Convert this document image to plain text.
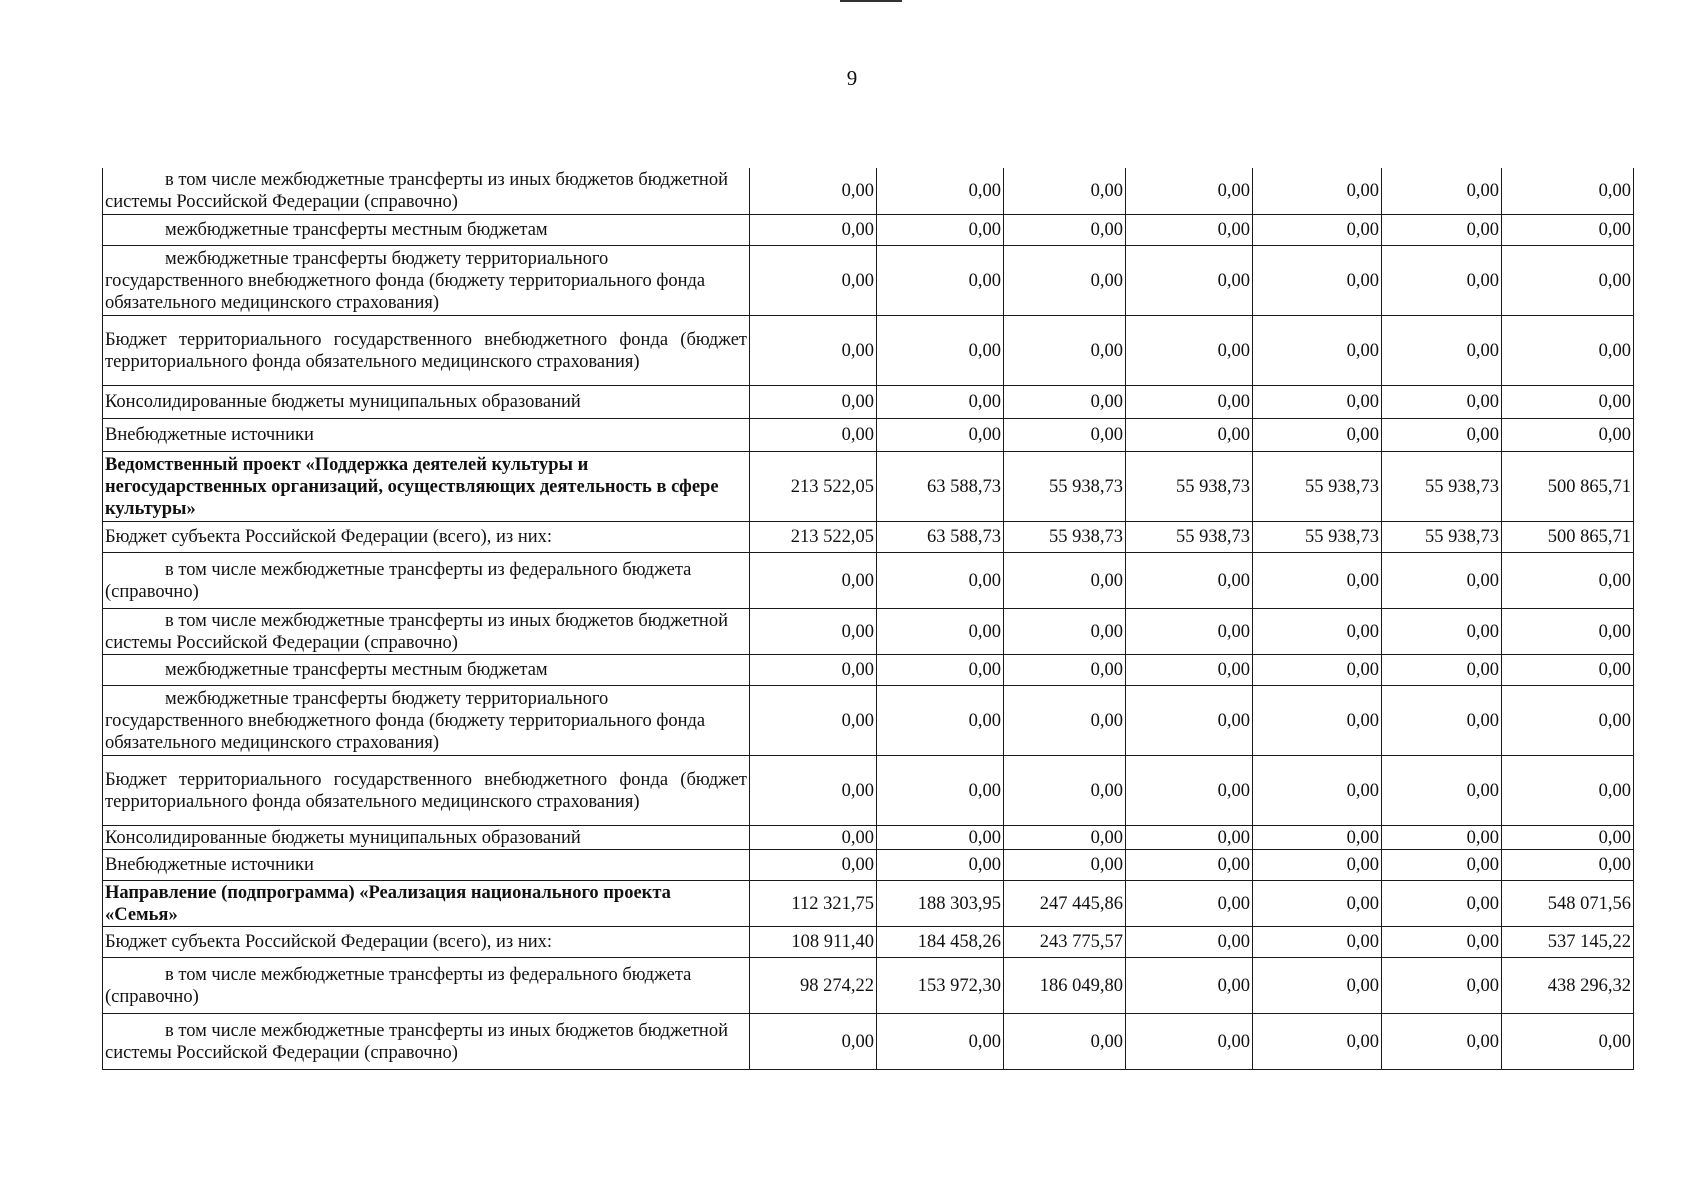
9
в том числе межбюджетные трансферты из иных бюджетов бюджетной системы Российской Федерации (справочно)	0,00	0,00	0,00	0,00	0,00	0,00	0,00
межбюджетные трансферты местным бюджетам	0,00	0,00	0,00	0,00	0,00	0,00	0,00
межбюджетные трансферты бюджету территориального государственного внебюджетного фонда (бюджету территориального фонда обязательного медицинского страхования)	0,00	0,00	0,00	0,00	0,00	0,00	0,00
Бюджет территориального государственного внебюджетного фонда (бюджет территориального фонда обязательного медицинского страхования)	0,00	0,00	0,00	0,00	0,00	0,00	0,00
Консолидированные бюджеты муниципальных образований	0,00	0,00	0,00	0,00	0,00	0,00	0,00
Внебюджетные источники	0,00	0,00	0,00	0,00	0,00	0,00	0,00
Ведомственный проект «Поддержка деятелей культуры и негосударственных организаций, осуществляющих деятельность в сфере культуры»	213 522,05	63 588,73	55 938,73	55 938,73	55 938,73	55 938,73	500 865,71
Бюджет субъекта Российской Федерации (всего), из них:	213 522,05	63 588,73	55 938,73	55 938,73	55 938,73	55 938,73	500 865,71
в том числе межбюджетные трансферты из федерального бюджета (справочно)	0,00	0,00	0,00	0,00	0,00	0,00	0,00
в том числе межбюджетные трансферты из иных бюджетов бюджетной системы Российской Федерации (справочно)	0,00	0,00	0,00	0,00	0,00	0,00	0,00
межбюджетные трансферты местным бюджетам	0,00	0,00	0,00	0,00	0,00	0,00	0,00
межбюджетные трансферты бюджету территориального государственного внебюджетного фонда (бюджету территориального фонда обязательного медицинского страхования)	0,00	0,00	0,00	0,00	0,00	0,00	0,00
Бюджет территориального государственного внебюджетного фонда (бюджет территориального фонда обязательного медицинского страхования)	0,00	0,00	0,00	0,00	0,00	0,00	0,00
Консолидированные бюджеты муниципальных образований	0,00	0,00	0,00	0,00	0,00	0,00	0,00
Внебюджетные источники	0,00	0,00	0,00	0,00	0,00	0,00	0,00
Направление (подпрограмма) «Реализация национального проекта «Семья»	112 321,75	188 303,95	247 445,86	0,00	0,00	0,00	548 071,56
Бюджет субъекта Российской Федерации (всего), из них:	108 911,40	184 458,26	243 775,57	0,00	0,00	0,00	537 145,22
в том числе межбюджетные трансферты из федерального бюджета (справочно)	98 274,22	153 972,30	186 049,80	0,00	0,00	0,00	438 296,32
в том числе межбюджетные трансферты из иных бюджетов бюджетной системы Российской Федерации (справочно)	0,00	0,00	0,00	0,00	0,00	0,00	0,00
